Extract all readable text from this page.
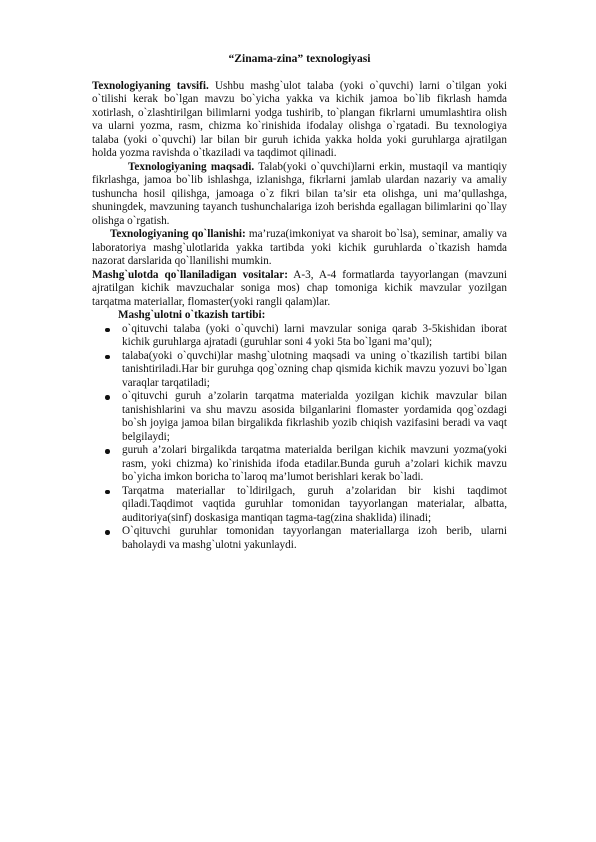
“Zinama-zina” texnologiyasi

Texnologiyaning tavsifi. Ushbu mashg`ulot talaba (yoki o`quvchi) larni o`tilgan yoki o`tilishi kerak bo`lgan mavzu bo`yicha yakka va kichik jamoa bo`lib fikrlash hamda xotirlash, o`zlashtirilgan bilimlarni yodga tushirib, to`plangan fikrlarni umumlashtira olish va ularni yozma, rasm, chizma ko`rinishida ifodalay olishga o`rgatadi. Bu texnologiya talaba (yoki o`quvchi) lar bilan bir guruh ichida yakka holda yoki guruhlarga ajratilgan holda yozma ravishda o`tkaziladi va taqdimot qilinadi.

Texnologiyaning maqsadi. Talab(yoki o`quvchi)larni erkin, mustaqil va mantiqiy fikrlashga, jamoa bo`lib ishlashga, izlanishga, fikrlarni jamlab ulardan nazariy va amaliy tushuncha hosil qilishga, jamoaga o`z fikri bilan ta’sir eta olishga, uni ma’qullashga, shuningdek, mavzuning tayanch tushunchalariga izoh berishda egallagan bilimlarini qo`llay olishga o`rgatish.

Texnologiyaning qo`llanishi: ma’ruza(imkoniyat va sharoit bo`lsa), seminar, amaliy va laboratoriya mashg`ulotlarida yakka tartibda yoki kichik guruhlarda o`tkazish hamda nazorat darslarida qo`llanilishi mumkin.

Mashg`ulotda qo`llaniladigan vositalar: A-3, A-4 formatlarda tayyorlangan (mavzuni ajratilgan kichik mavzuchalar soniga mos) chap tomoniga kichik mavzular yozilgan tarqatma materiallar, flomaster(yoki rangli qalam)lar.

Mashg`ulotni o`tkazish tartibi:

o`qituvchi talaba (yoki o`quvchi) larni mavzular soniga qarab 3-5kishidan iborat kichik guruhlarga ajratadi (guruhlar soni 4 yoki 5ta bo`lgani ma’qul);
talaba(yoki o`quvchi)lar mashg`ulotning maqsadi va uning o`tkazilish tartibi bilan tanishtiriladi.Har bir guruhga qog`ozning chap qismida kichik mavzu yozuvi bo`lgan varaqlar tarqatiladi;
o`qituvchi guruh a’zolarin tarqatma materialda yozilgan kichik mavzular bilan tanishishlarini va shu mavzu asosida bilganlarini flomaster yordamida qog`ozdagi bo`sh joyiga jamoa bilan birgalikda fikrlashib yozib chiqish vazifasini beradi va vaqt belgilaydi;
guruh a’zolari birgalikda tarqatma materialda berilgan kichik mavzuni yozma(yoki rasm, yoki chizma) ko`rinishida ifoda etadilar.Bunda guruh a’zolari kichik mavzu bo`yicha imkon boricha to`laroq ma’lumot berishlari kerak bo`ladi.
Tarqatma materiallar to`ldirilgach, guruh a’zolaridan bir kishi taqdimot qiladi.Taqdimot vaqtida guruhlar tomonidan tayyorlangan materialar, albatta, auditoriya(sinf) doskasiga mantiqan tagma-tag(zina shaklida) ilinadi;
O`qituvchi guruhlar tomonidan tayyorlangan materiallarga izoh berib, ularni baholaydi va mashg`ulotni yakunlaydi.
